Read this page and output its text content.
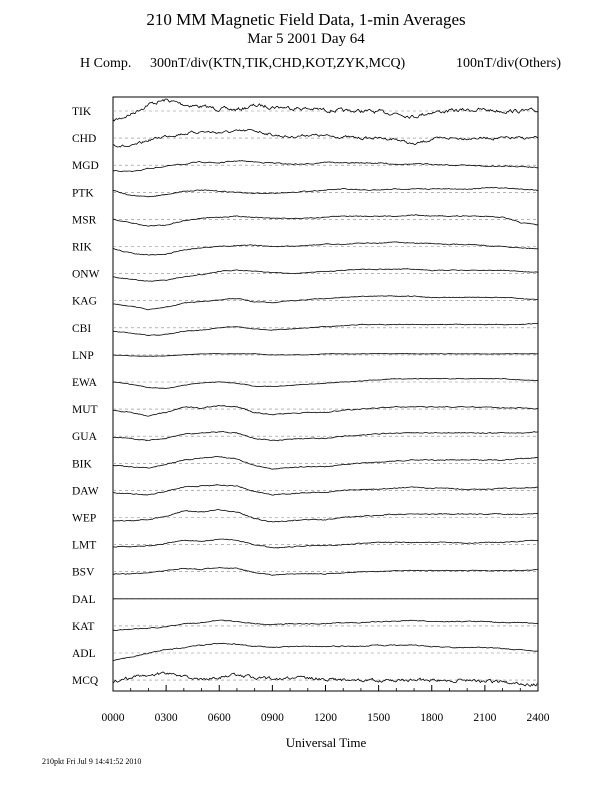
210 MM Magnetic Field Data, 1-min Averages
Mar 5 2001 Day 64
H Comp. 300nT/div(KTN,TIK,CHD,KOT,ZYK,MCQ)	100nT/div(Others)
TIK
CHD
MGD
PTK
MSR
RIK
ONW
KAG
CBI
LNP
EWA
MUT
GUA
BIK
DAW
WEP
LMT
BSV
DAL
KAT
ADL
MCQ
0000	0300	0600	0900	1200	1500	1800	2100	2400
Universal Time
210pkt Fri Jul 9 14:41:52 2010
